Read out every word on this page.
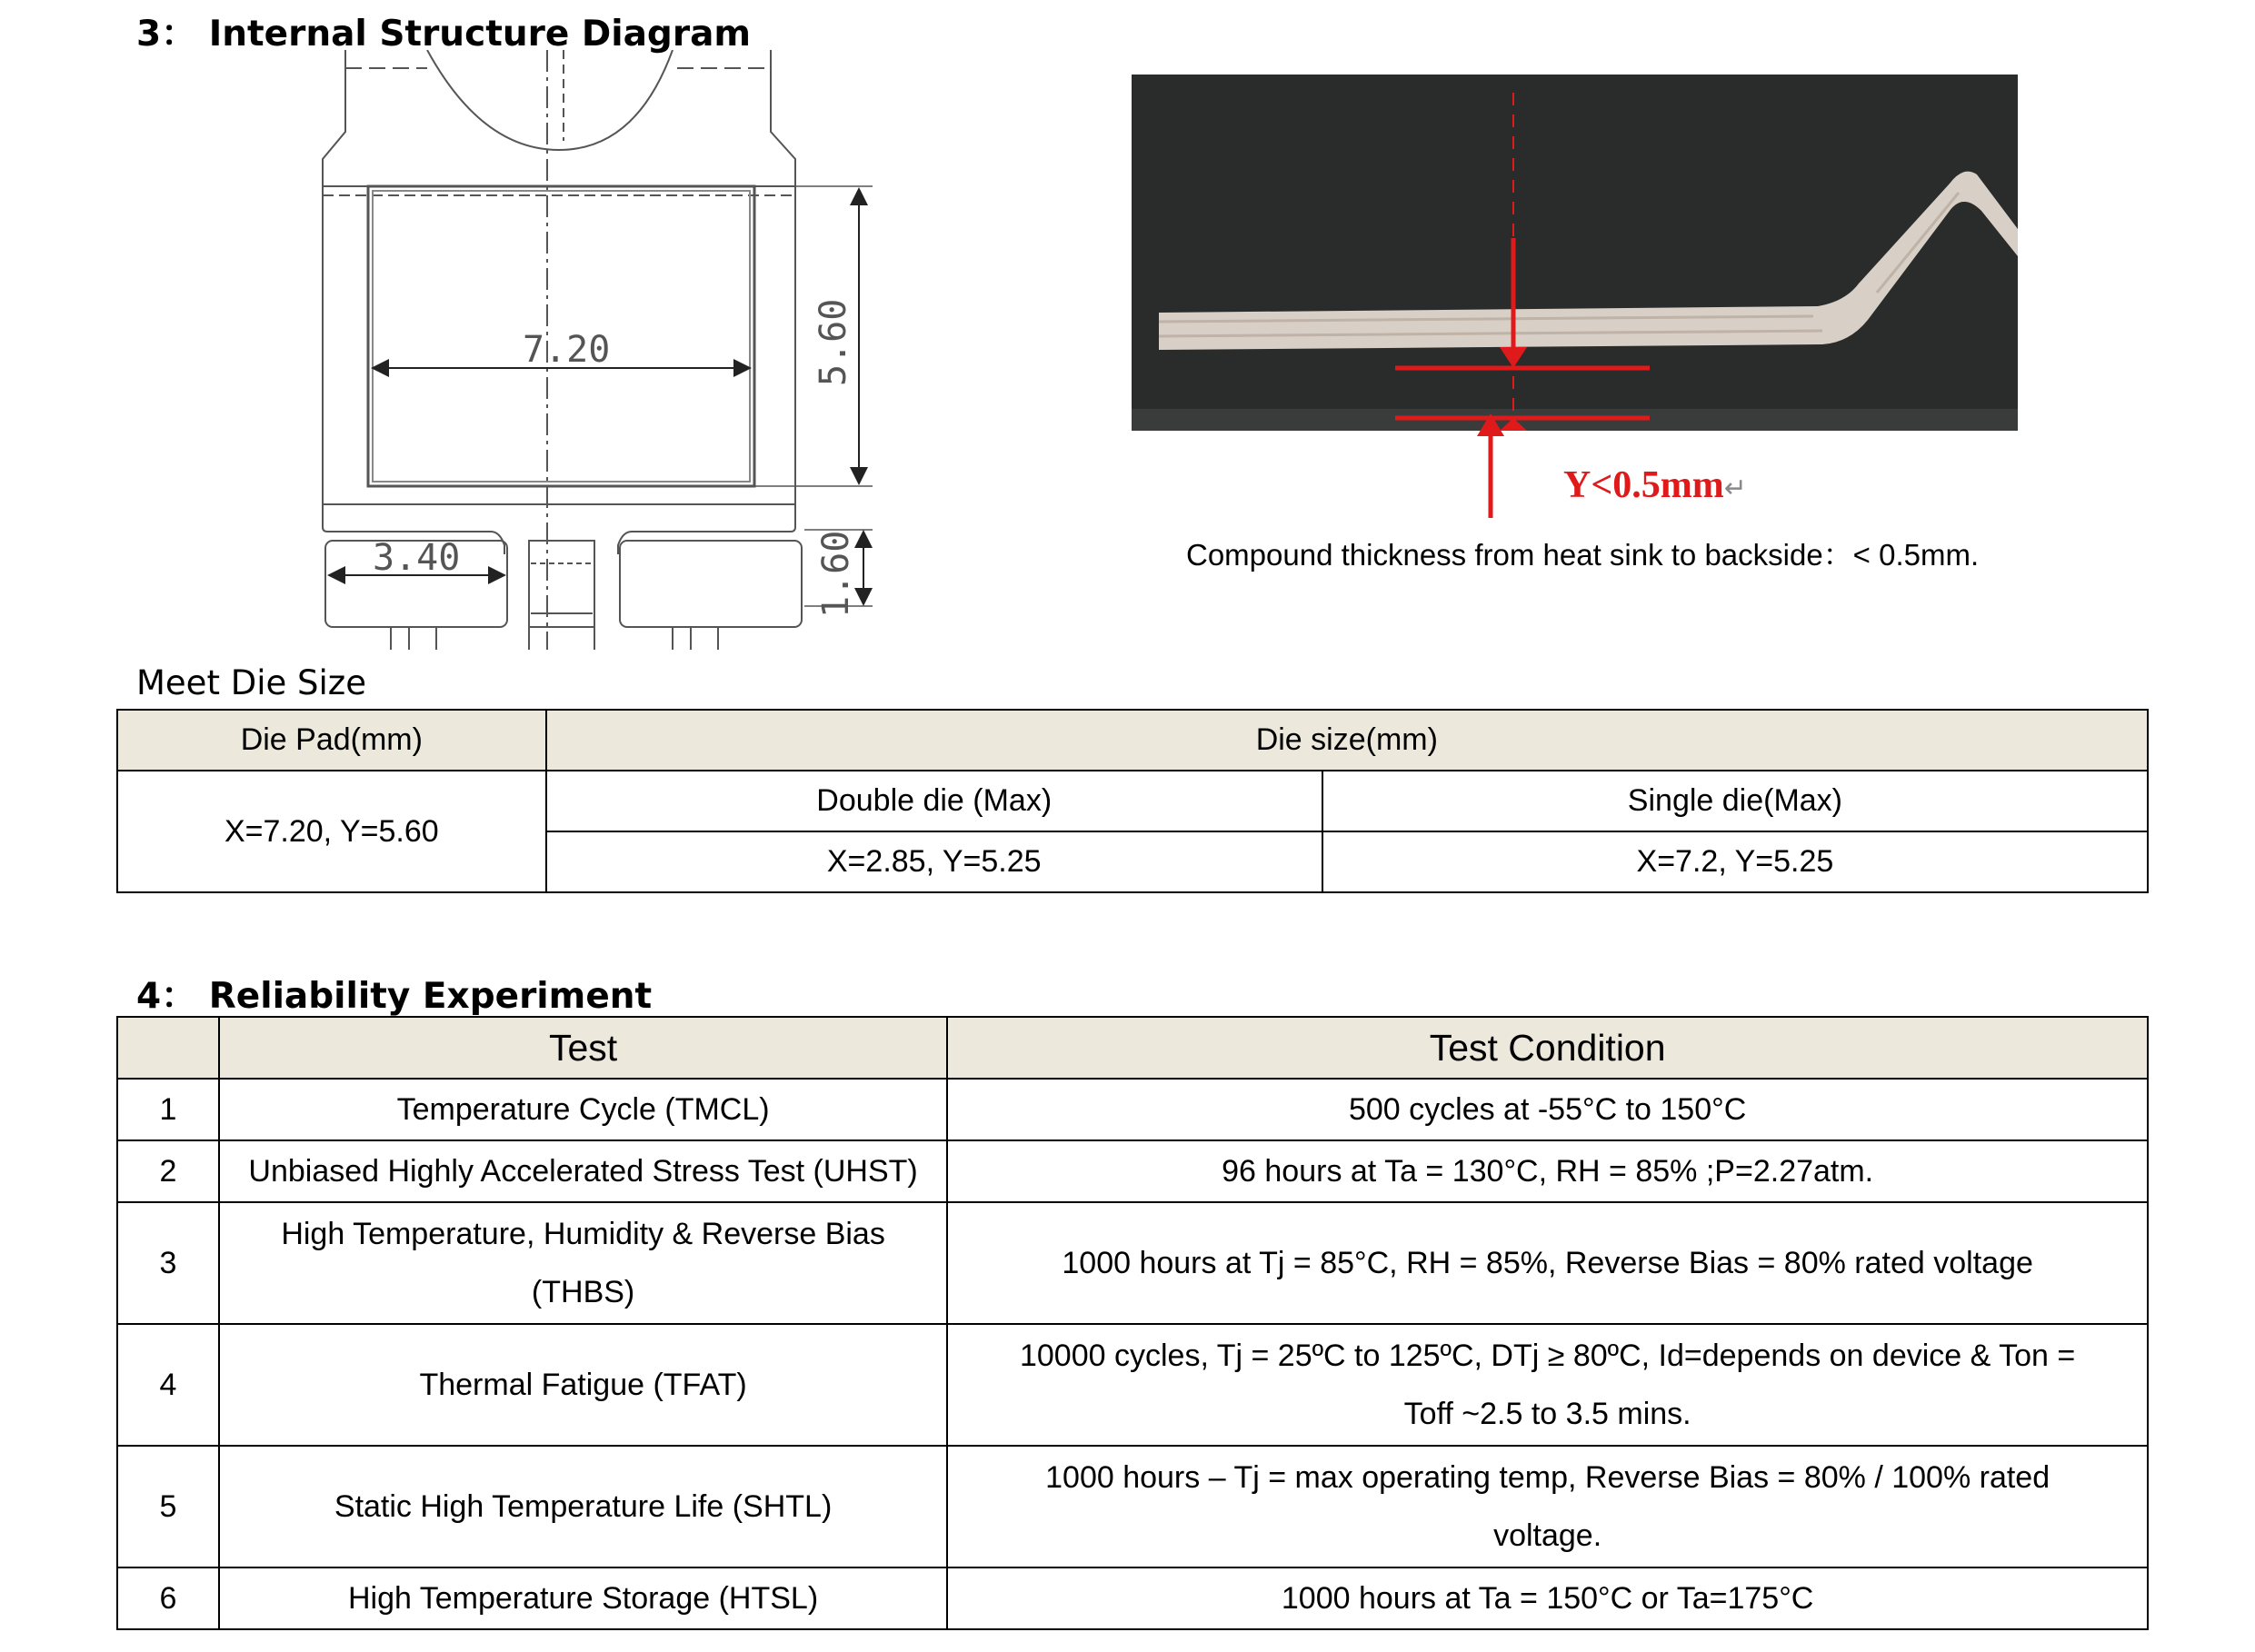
3： Internal Structure Diagram
7.20	5.60
3.40	1.60
Y<0.5mm↵
Compound thickness from heat sink to backside：< 0.5mm.
Meet Die Size
Die Pad(mm)	Die size(mm)	
X=7.20, Y=5.60	Double die (Max)	Single die(Max)
	X=2.85, Y=5.25	X=7.2, Y=5.25
4： Reliability Experiment
	Test	Test Condition
1	Temperature Cycle (TMCL)	500 cycles at -55°C to 150°C
2	Unbiased Highly Accelerated Stress Test (UHST)	96 hours at Ta = 130°C, RH = 85% ;P=2.27atm.
3	High Temperature, Humidity & Reverse Bias (THBS)	1000 hours at Tj = 85°C, RH = 85%, Reverse Bias = 80% rated voltage
4	Thermal Fatigue (TFAT)	10000 cycles, Tj = 25ºC to 125ºC, DTj ≥ 80ºC, Id=depends on device & Ton = Toff ~2.5 to 3.5 mins.
5	Static High Temperature Life (SHTL)	1000 hours – Tj = max operating temp, Reverse Bias = 80% / 100% rated voltage.
6	High Temperature Storage (HTSL)	1000 hours at Ta = 150°C or Ta=175°C
